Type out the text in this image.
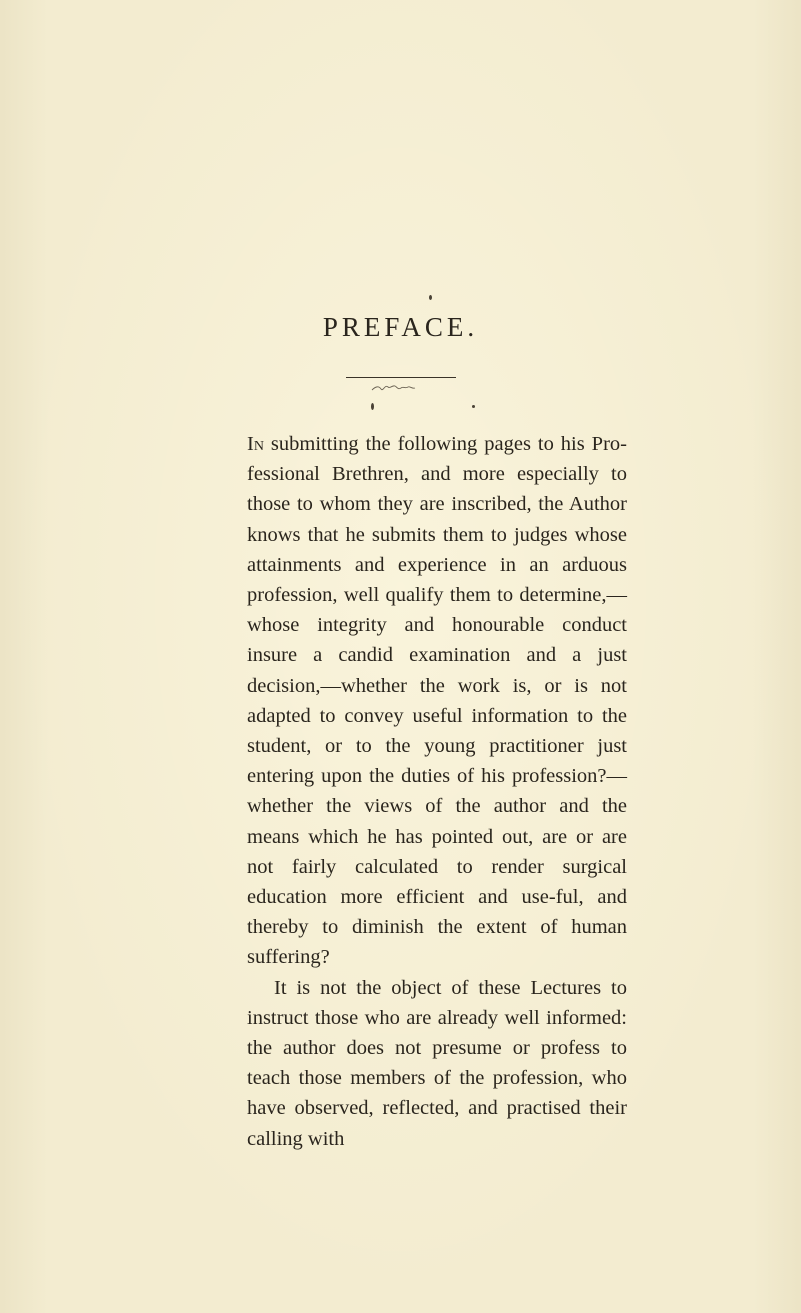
PREFACE.

In submitting the following pages to his Pro-fessional Brethren, and more especially to those to whom they are inscribed, the Author knows that he submits them to judges whose attainments and experience in an arduous profession, well qualify them to determine,—whose integrity and honourable conduct insure a candid examination and a just decision,—whether the work is, or is not adapted to convey useful information to the student, or to the young practitioner just entering upon the duties of his profession?—whether the views of the author and the means which he has pointed out, are or are not fairly calculated to render surgical education more efficient and use-ful, and thereby to diminish the extent of human suffering?

It is not the object of these Lectures to instruct those who are already well informed: the author does not presume or profess to teach those members of the profession, who have observed, reflected, and practised their calling with
